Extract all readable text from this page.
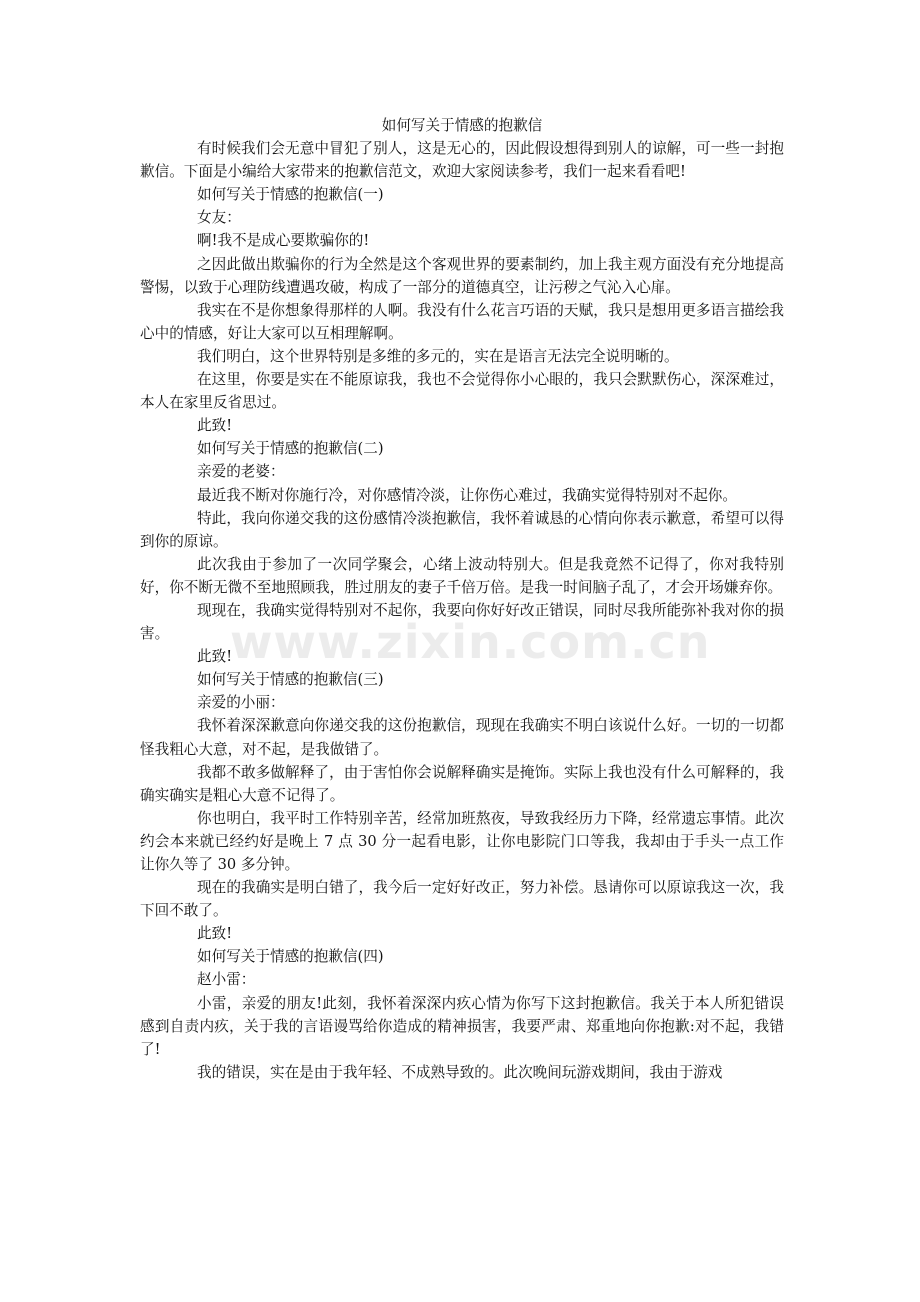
如何写关于情感的抱歉信

有时候我们会无意中冒犯了别人，这是无心的，因此假设想得到别人的谅解，可一些一封抱歉信。下面是小编给大家带来的抱歉信范文，欢迎大家阅读参考，我们一起来看看吧!

如何写关于情感的抱歉信(一)

女友：

啊!我不是成心要欺骗你的!

之因此做出欺骗你的行为全然是这个客观世界的要素制约，加上我主观方面没有充分地提高警惕，以致于心理防线遭遇攻破，构成了一部分的道德真空，让污秽之气沁入心扉。

我实在不是你想象得那样的人啊。我没有什么花言巧语的天赋，我只是想用更多语言描绘我心中的情感，好让大家可以互相理解啊。

我们明白，这个世界特别是多维的多元的，实在是语言无法完全说明晰的。

在这里，你要是实在不能原谅我，我也不会觉得你小心眼的，我只会默默伤心，深深难过，本人在家里反省思过。

此致!

如何写关于情感的抱歉信(二)

亲爱的老婆：

最近我不断对你施行冷，对你感情冷淡，让你伤心难过，我确实觉得特别对不起你。

特此，我向你递交我的这份感情冷淡抱歉信，我怀着诚恳的心情向你表示歉意，希望可以得到你的原谅。

此次我由于参加了一次同学聚会，心绪上波动特别大。但是我竟然不记得了，你对我特别好，你不断无微不至地照顾我，胜过朋友的妻子千倍万倍。是我一时间脑子乱了，才会开场嫌弃你。

现现在，我确实觉得特别对不起你，我要向你好好改正错误，同时尽我所能弥补我对你的损害。

此致!

如何写关于情感的抱歉信(三)

亲爱的小丽：

我怀着深深歉意向你递交我的这份抱歉信，现现在我确实不明白该说什么好。一切的一切都怪我粗心大意，对不起，是我做错了。

我都不敢多做解释了，由于害怕你会说解释确实是掩饰。实际上我也没有什么可解释的，我确实确实是粗心大意不记得了。

你也明白，我平时工作特别辛苦，经常加班熬夜，导致我经历力下降，经常遗忘事情。此次约会本来就已经约好是晚上 7 点 30 分一起看电影，让你电影院门口等我，我却由于手头一点工作让你久等了 30 多分钟。

现在的我确实是明白错了，我今后一定好好改正，努力补偿。恳请你可以原谅我这一次，我下回不敢了。

此致!

如何写关于情感的抱歉信(四)

赵小雷：

小雷，亲爱的朋友!此刻，我怀着深深内疚心情为你写下这封抱歉信。我关于本人所犯错误感到自责内疚，关于我的言语谩骂给你造成的精神损害，我要严肃、郑重地向你抱歉:对不起，我错了!

我的错误，实在是由于我年轻、不成熟导致的。此次晚间玩游戏期间，我由于游戏

www.zixin.com.cn
